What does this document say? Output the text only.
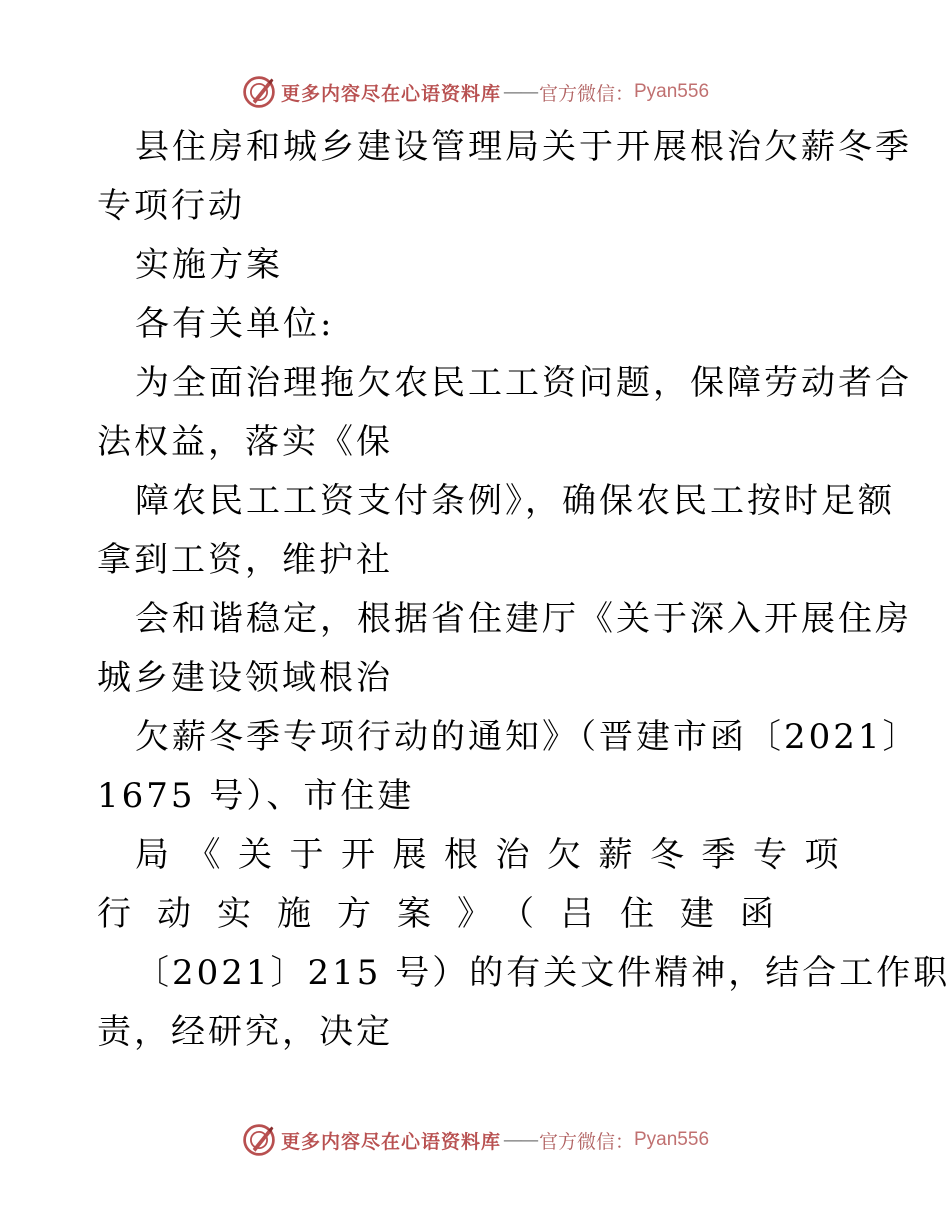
更多内容尽在心语资料库 —— 官方微信： Pyan556
县住房和城乡建设管理局关于开展根治欠薪冬季
专项行动
实施方案
各有关单位:
为全面治理拖欠农民工工资问题，保障劳动者合
法权益，落实《保
障农民工工资支付条例》，确保农民工按时足额
拿到工资，维护社
会和谐稳定，根据省住建厅《关于深入开展住房
城乡建设领域根治
欠薪冬季专项行动的通知》（晋建市函〔2021〕
1675 号）、市住建
局《关于开展根治欠薪冬季专项
行动实施方案》（吕住建函
〔2021〕215 号）的有关文件精神，结合工作职
责，经研究，决定
更多内容尽在心语资料库 —— 官方微信： Pyan556
